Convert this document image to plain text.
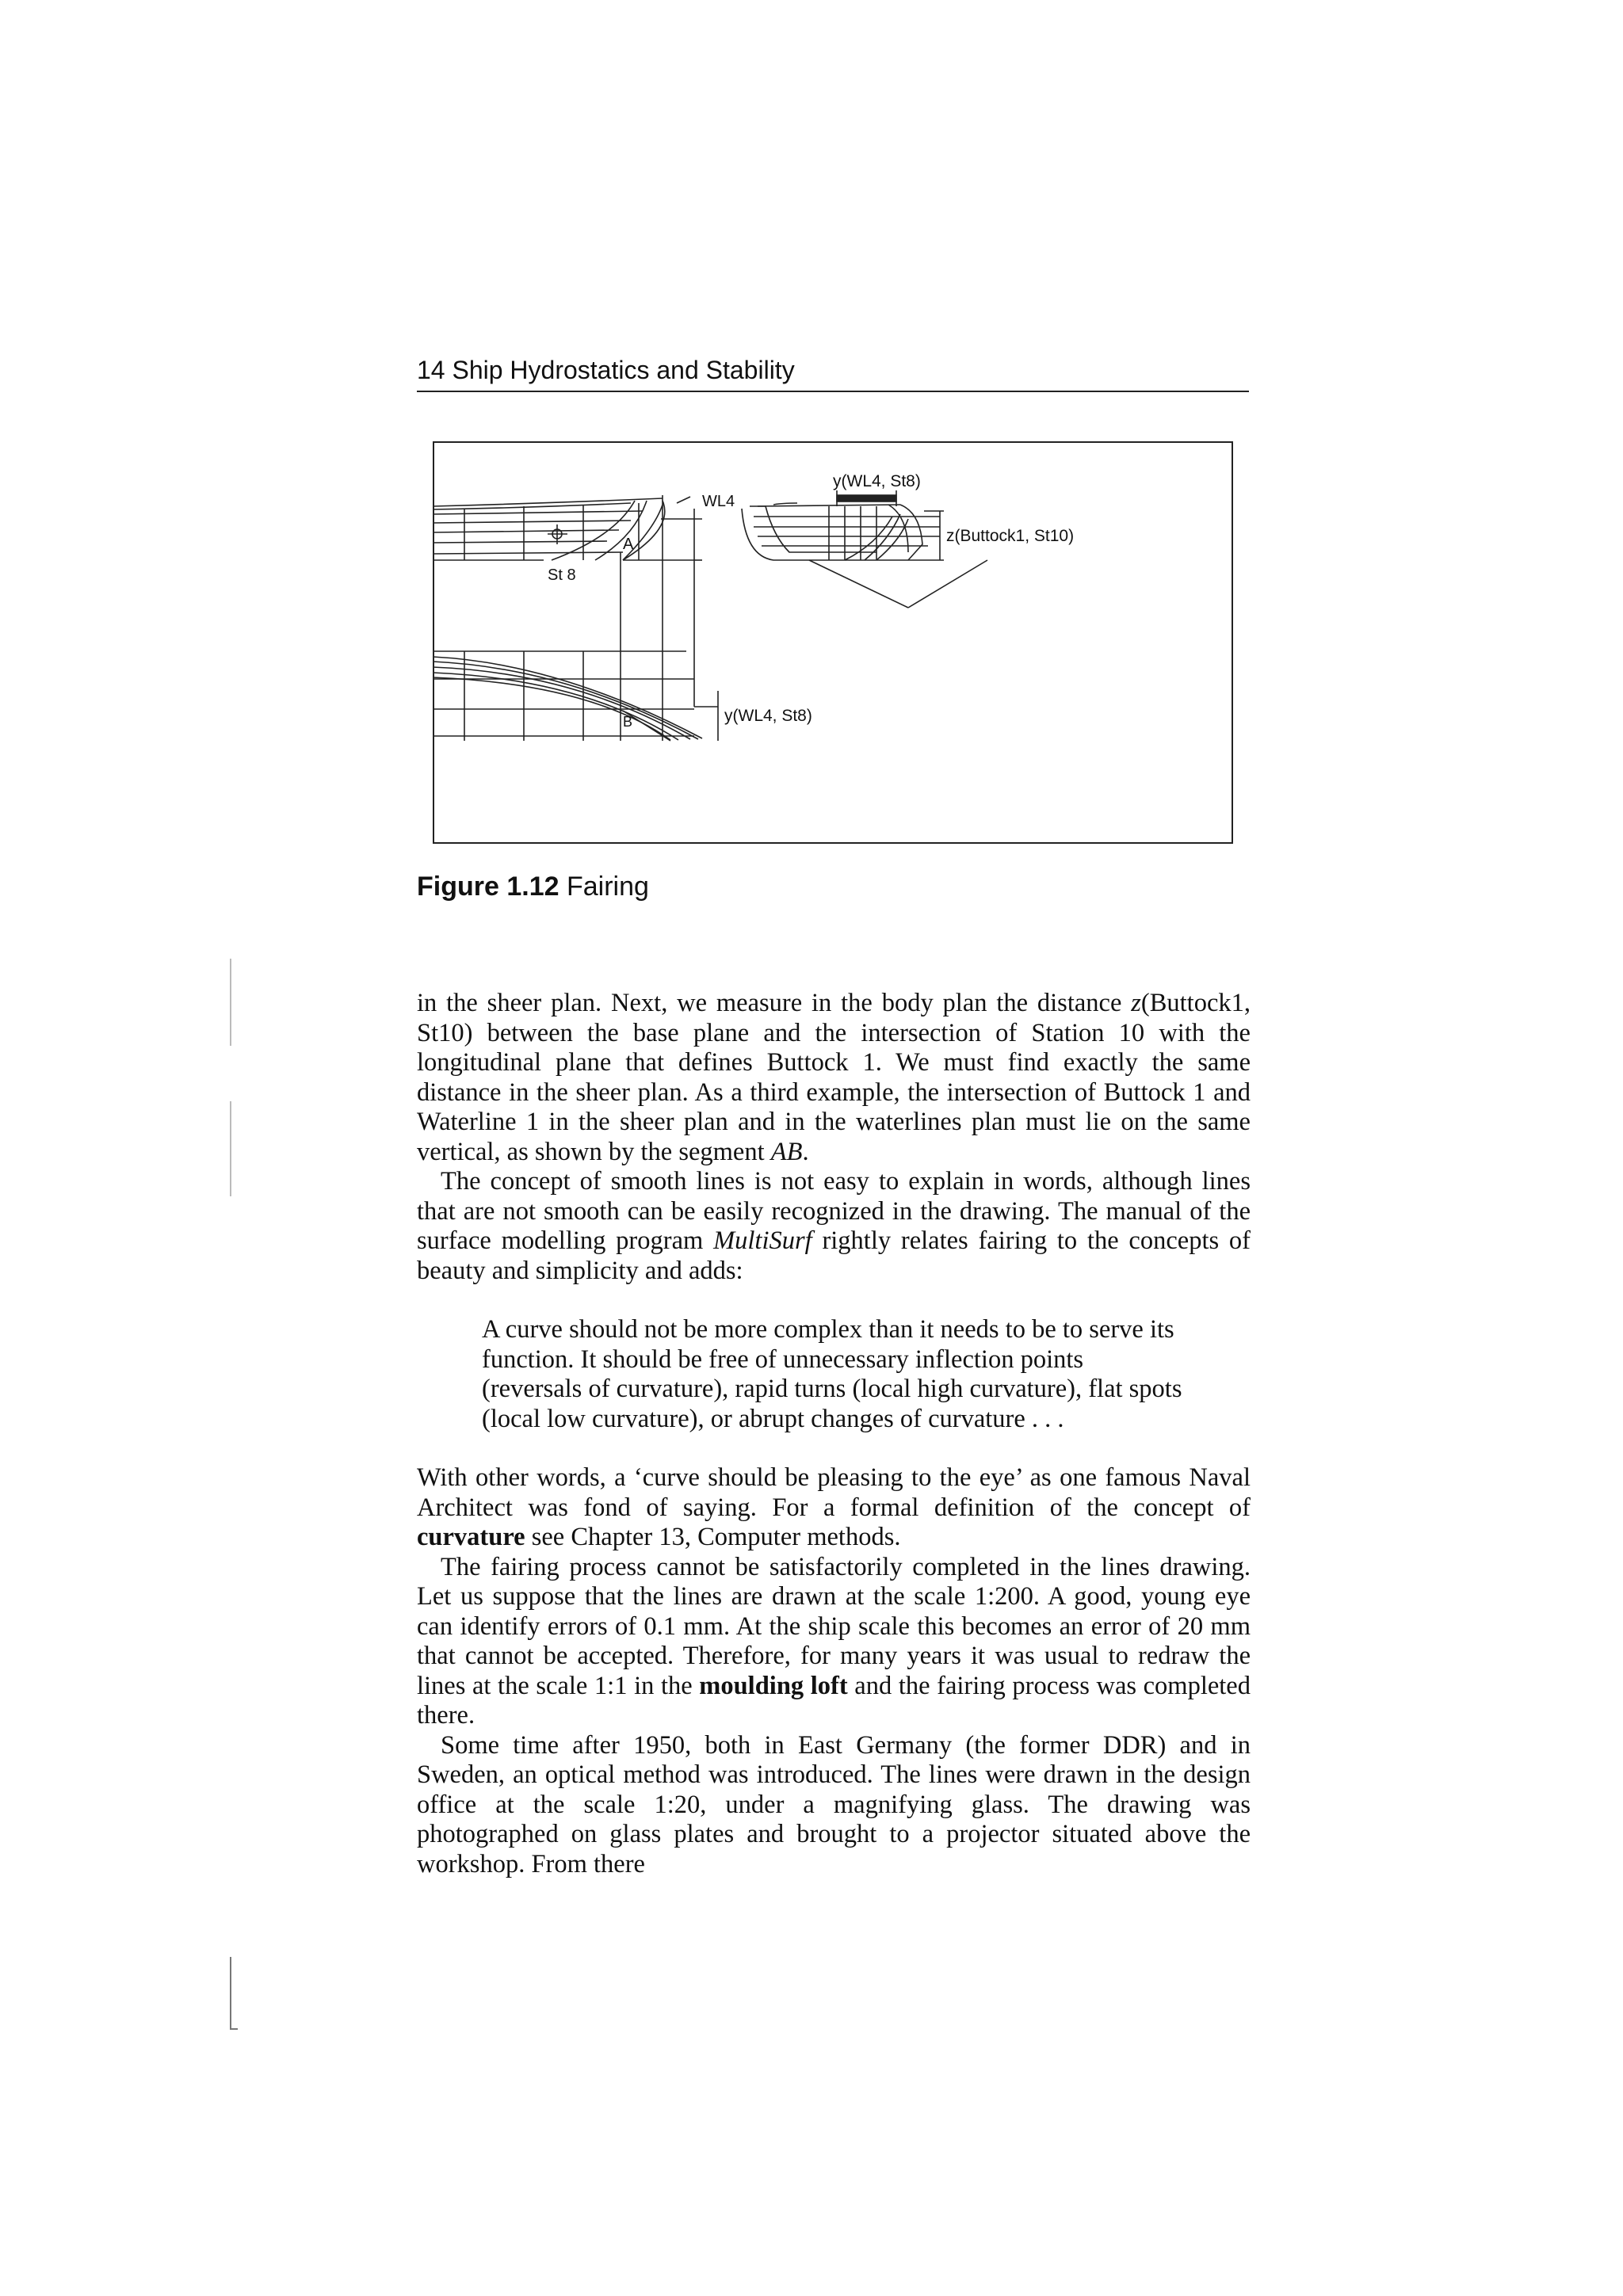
14 Ship Hydrostatics and Stability
St 8
WL4
A
B
y(WL4, St8)
y(WL4, St8)
z(Buttock1, St10)
Figure 1.12 Fairing

in the sheer plan. Next, we measure in the body plan the distance z(Buttock1, St10) between the base plane and the intersection of Station 10 with the longitudinal plane that defines Buttock 1. We must find exactly the same distance in the sheer plan. As a third example, the intersection of Buttock 1 and Waterline 1 in the sheer plan and in the waterlines plan must lie on the same vertical, as shown by the segment AB.

The concept of smooth lines is not easy to explain in words, although lines that are not smooth can be easily recognized in the drawing. The manual of the surface modelling program MultiSurf rightly relates fairing to the concepts of beauty and simplicity and adds:

A curve should not be more complex than it needs to be to serve its function. It should be free of unnecessary inflection points (reversals of curvature), rapid turns (local high curvature), flat spots (local low curvature), or abrupt changes of curvature . . .

With other words, a ‘curve should be pleasing to the eye’ as one famous Naval Architect was fond of saying. For a formal definition of the concept of curvature see Chapter 13, Computer methods.

The fairing process cannot be satisfactorily completed in the lines drawing. Let us suppose that the lines are drawn at the scale 1:200. A good, young eye can identify errors of 0.1 mm. At the ship scale this becomes an error of 20 mm that cannot be accepted. Therefore, for many years it was usual to redraw the lines at the scale 1:1 in the moulding loft and the fairing process was completed there.

Some time after 1950, both in East Germany (the former DDR) and in Sweden, an optical method was introduced. The lines were drawn in the design office at the scale 1:20, under a magnifying glass. The drawing was photographed on glass plates and brought to a projector situated above the workshop. From there
